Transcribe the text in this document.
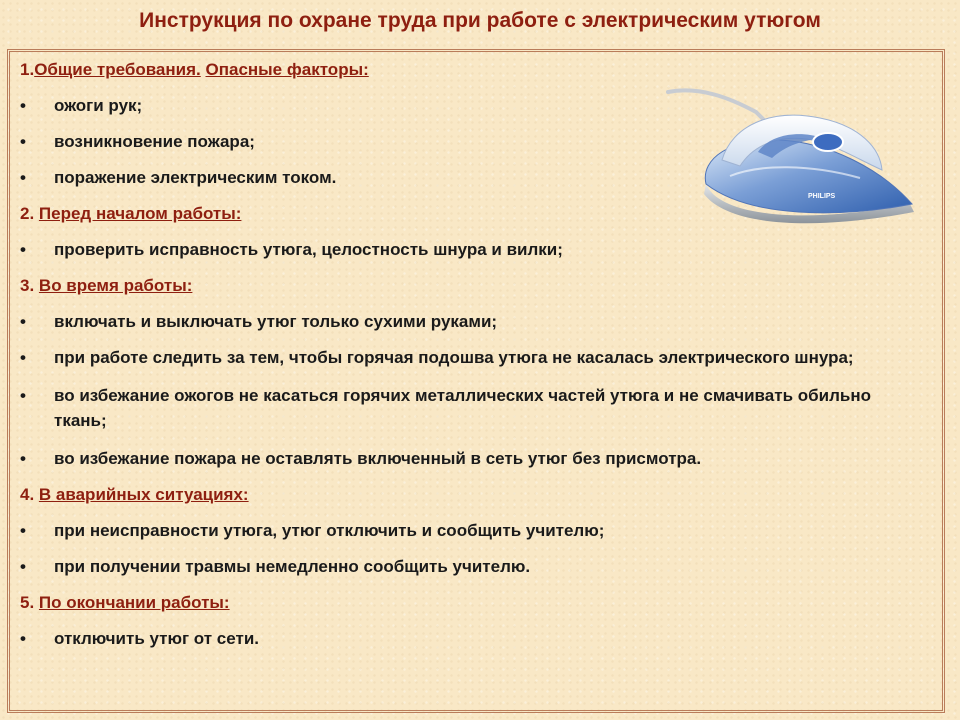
Инструкция по охране труда при работе с электрическим утюгом

1.Общие требования. Опасные факторы:

• ожоги рук;

• возникновение пожара;

• поражение электрическим током.

2. Перед началом работы:

• проверить исправность утюга, целостность шнура и вилки;

3. Во время работы:

• включать и выключать утюг только сухими руками;

• при работе следить за тем, чтобы горячая подошва утюга не касалась электрического шнура;

• во избежание ожогов не касаться горячих металлических частей утюга и не смачивать обильно ткань;

• во избежание пожара не оставлять включенный в сеть утюг без присмотра.

4. В аварийных ситуациях:

• при неисправности утюга, утюг отключить и сообщить учителю;

• при получении травмы немедленно сообщить учителю.

5. По окончании работы:

• отключить утюг от сети.

PHILIPS
